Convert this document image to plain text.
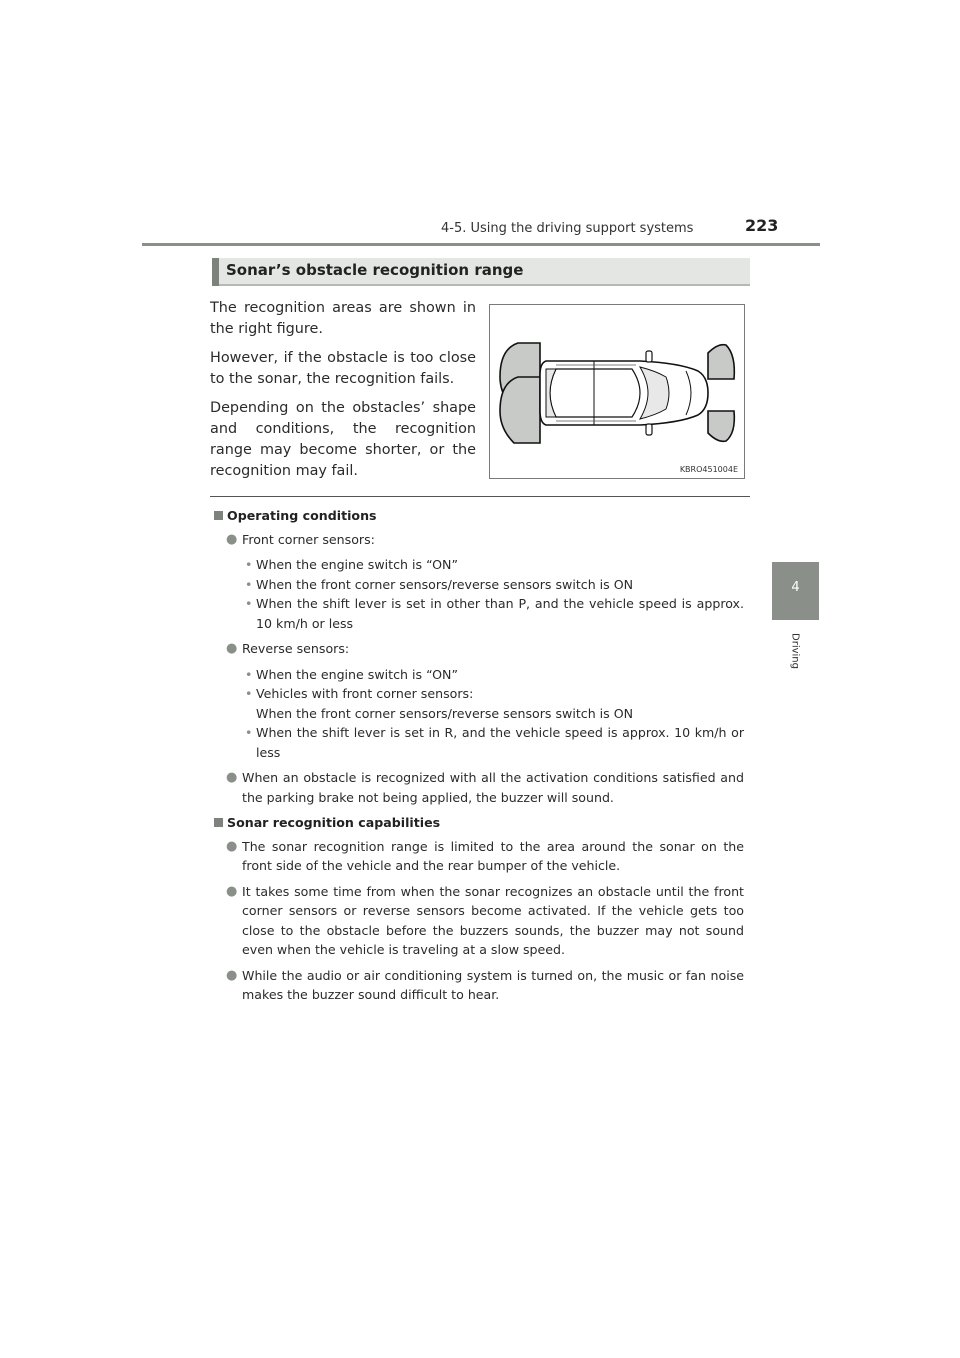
4-5. Using the driving support systems	223
4
Driving
Sonar’s obstacle recognition range

The recognition areas are shown in the right figure.

However, if the obstacle is too close to the sonar, the recognition fails.

Depending on the obstacles’ shape and conditions, the recognition range may become shorter, or the recognition may fail.	KBRO451004E
Operating conditions
● Front corner sensors:
• When the engine switch is “ON”
• When the front corner sensors/reverse sensors switch is ON
• When the shift lever is set in other than P, and the vehicle speed is approx. 10 km/h or less
● Reverse sensors:
• When the engine switch is “ON”
• Vehicles with front corner sensors:
When the front corner sensors/reverse sensors switch is ON
• When the shift lever is set in R, and the vehicle speed is approx. 10 km/h or less
● When an obstacle is recognized with all the activation conditions satisfied and the parking brake not being applied, the buzzer will sound.
Sonar recognition capabilities
● The sonar recognition range is limited to the area around the sonar on the front side of the vehicle and the rear bumper of the vehicle.
● It takes some time from when the sonar recognizes an obstacle until the front corner sensors or reverse sensors become activated. If the vehicle gets too close to the obstacle before the buzzers sounds, the buzzer may not sound even when the vehicle is traveling at a slow speed.
● While the audio or air conditioning system is turned on, the music or fan noise makes the buzzer sound difficult to hear.
